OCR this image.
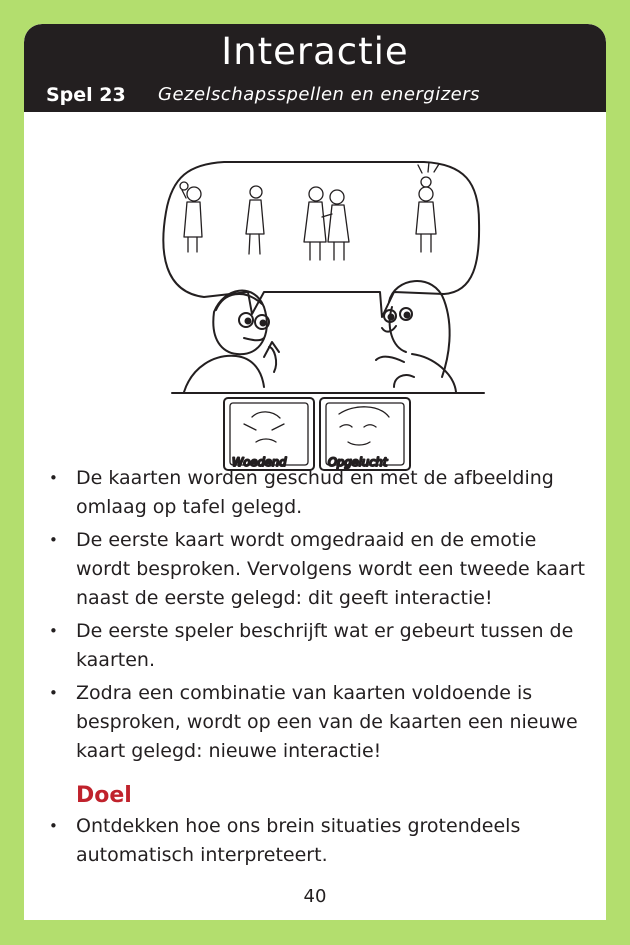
Interactie
Spel 23 Gezelschapsspellen en energizers
Woedend	Opgelucht
• De kaarten worden geschud en met de afbeelding omlaag op tafel gelegd.
• De eerste kaart wordt omgedraaid en de emotie wordt besproken. Vervolgens wordt een tweede kaart naast de eerste gelegd: dit geeft interactie!
• De eerste speler beschrijft wat er gebeurt tussen de kaarten.
• Zodra een combinatie van kaarten voldoende is besproken, wordt op een van de kaarten een nieuwe kaart gelegd: nieuwe interactie!
Doel
• Ontdekken hoe ons brein situaties grotendeels automatisch interpreteert.
40
